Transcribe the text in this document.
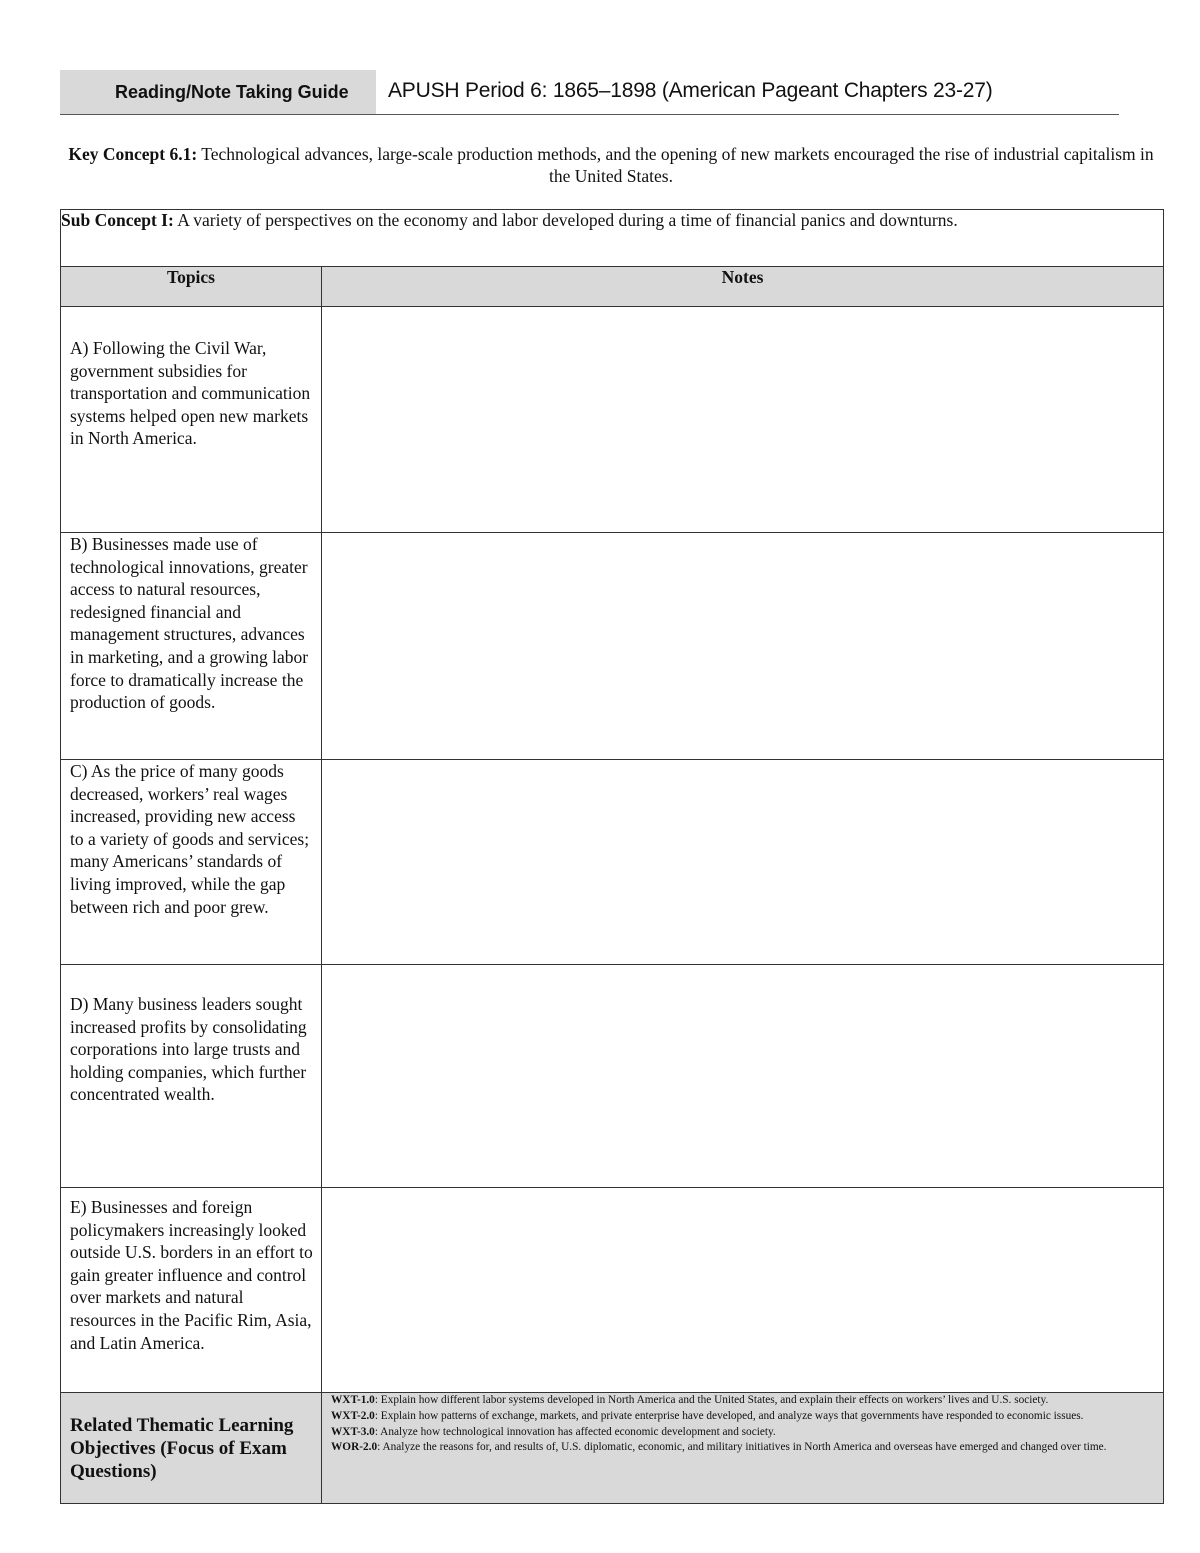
Reading/Note Taking Guide APUSH Period 6: 1865–1898 (American Pageant Chapters 23-27)
Key Concept 6.1: Technological advances, large-scale production methods, and the opening of new markets encouraged the rise of industrial capitalism in the United States.
Sub Concept I: A variety of perspectives on the economy and labor developed during a time of financial panics and downturns.	
Topics	Notes
A) Following the Civil War, government subsidies for transportation and communication systems helped open new markets in North America.	
B) Businesses made use of technological innovations, greater access to natural resources, redesigned financial and management structures, advances in marketing, and a growing labor force to dramatically increase the production of goods.	
C) As the price of many goods decreased, workers’ real wages increased, providing new access to a variety of goods and services; many Americans’ standards of living improved, while the gap between rich and poor grew.	
D) Many business leaders sought increased profits by consolidating corporations into large trusts and holding companies, which further concentrated wealth.	
E) Businesses and foreign policymakers increasingly looked outside U.S. borders in an effort to gain greater influence and control over markets and natural resources in the Pacific Rim, Asia, and Latin America.	
Related Thematic Learning Objectives (Focus of Exam Questions)	WXT-1.0: Explain how different labor systems developed in North America and the United States, and explain their effects on workers’ lives and U.S. society.
WXT-2.0: Explain how patterns of exchange, markets, and private enterprise have developed, and analyze ways that governments have responded to economic issues.
WXT-3.0: Analyze how technological innovation has affected economic development and society.
WOR-2.0: Analyze the reasons for, and results of, U.S. diplomatic, economic, and military initiatives in North America and overseas have emerged and changed over time.
